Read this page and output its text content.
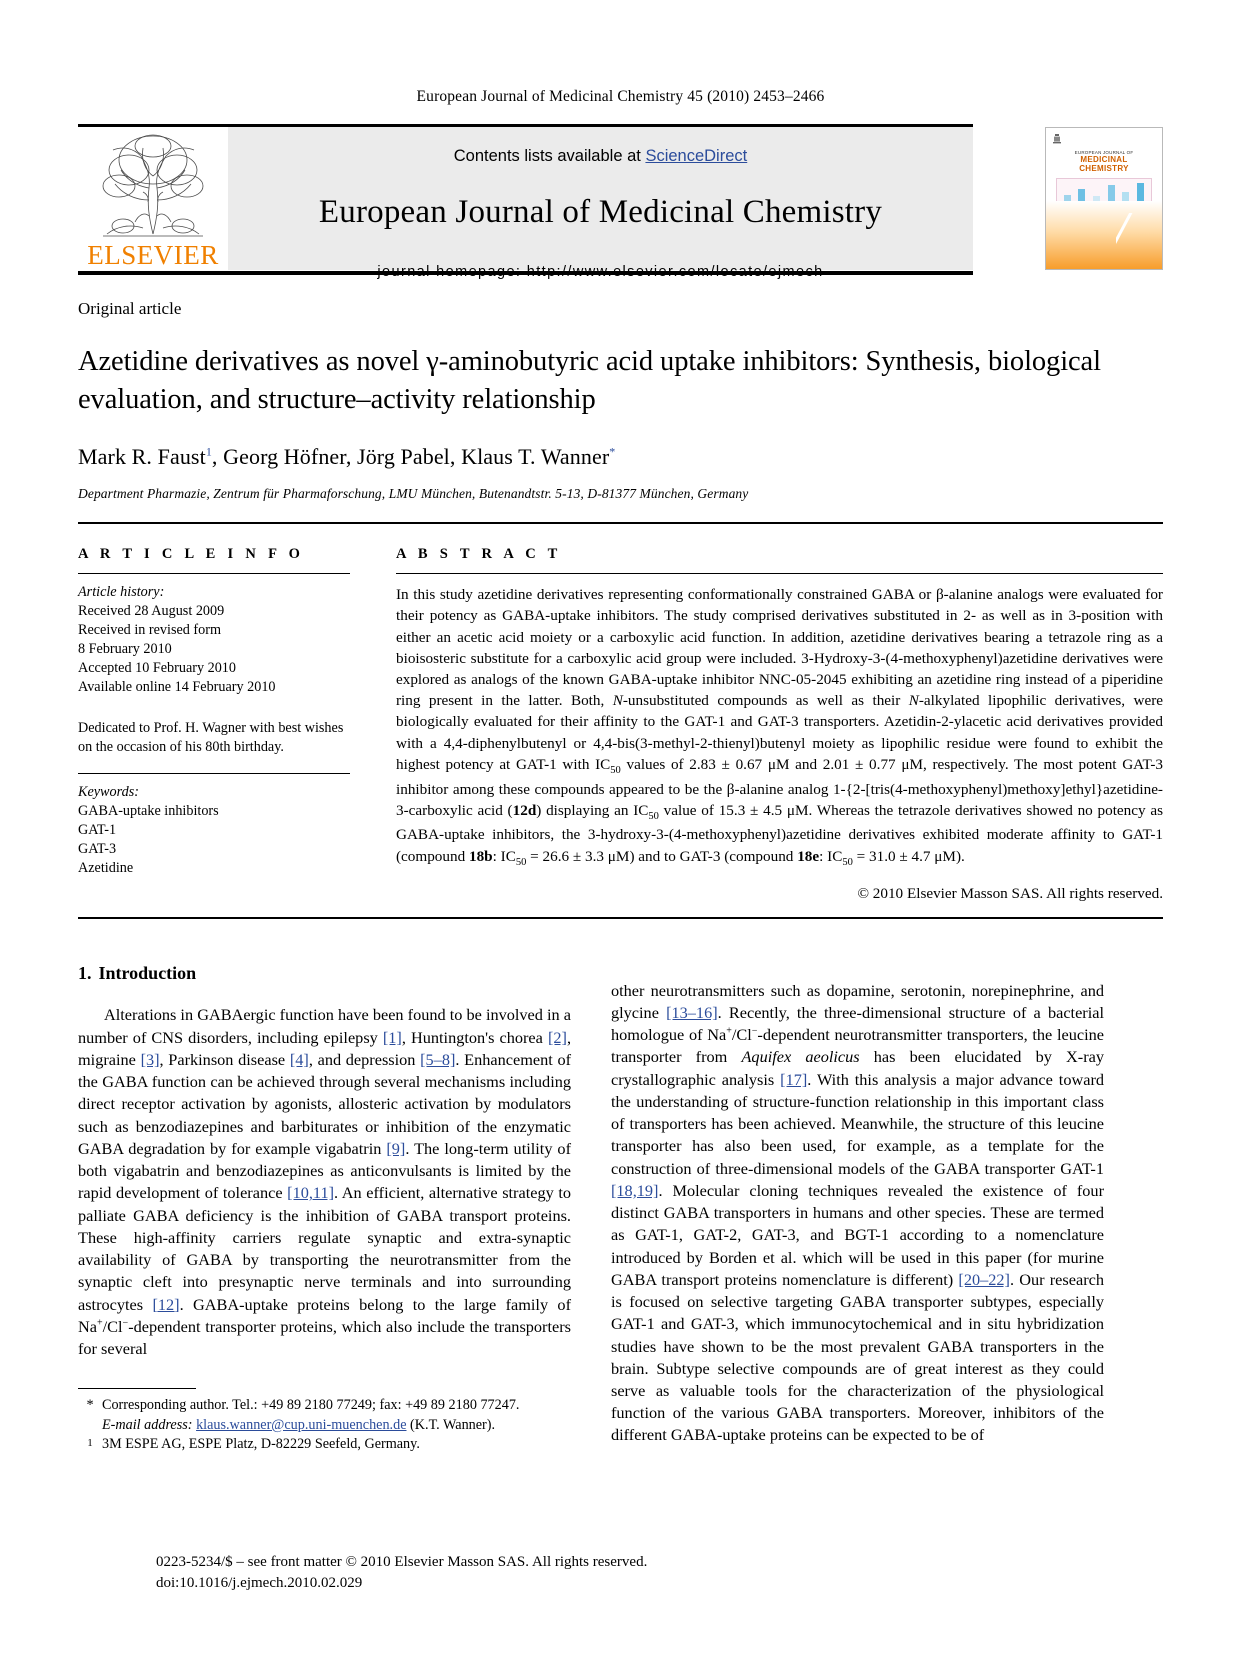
European Journal of Medicinal Chemistry 45 (2010) 2453–2466
ELSEVIER
Contents lists available at ScienceDirect
European Journal of Medicinal Chemistry
journal homepage: http://www.elsevier.com/locate/ejmech
EUROPEAN JOURNAL OF
MEDICINAL
CHEMISTRY
Original article
Azetidine derivatives as novel γ-aminobutyric acid uptake inhibitors: Synthesis, biological evaluation, and structure–activity relationship
Mark R. Faust$^1$, Georg Höfner, Jörg Pabel, Klaus T. Wanner*
Department Pharmazie, Zentrum für Pharmaforschung, LMU München, Butenandtstr. 5-13, D-81377 München, Germany
A R T I C L E I N F O
Article history:
Received 28 August 2009
Received in revised form
8 February 2010
Accepted 10 February 2010
Available online 14 February 2010
Dedicated to Prof. H. Wagner with best wishes on the occasion of his 80th birthday.
Keywords:
GABA-uptake inhibitors
GAT-1
GAT-3
Azetidine
A B S T R A C T

In this study azetidine derivatives representing conformationally constrained GABA or β-alanine analogs were evaluated for their potency as GABA-uptake inhibitors. The study comprised derivatives substituted in 2- as well as in 3-position with either an acetic acid moiety or a carboxylic acid function. In addition, azetidine derivatives bearing a tetrazole ring as a bioisosteric substitute for a carboxylic acid group were included. 3-Hydroxy-3-(4-methoxyphenyl)azetidine derivatives were explored as analogs of the known GABA-uptake inhibitor NNC-05-2045 exhibiting an azetidine ring instead of a piperidine ring present in the latter. Both, N-unsubstituted compounds as well as their N-alkylated lipophilic derivatives, were biologically evaluated for their affinity to the GAT-1 and GAT-3 transporters. Azetidin-2-ylacetic acid derivatives provided with a 4,4-diphenylbutenyl or 4,4-bis(3-methyl-2-thienyl)butenyl moiety as lipophilic residue were found to exhibit the highest potency at GAT-1 with $IC_{50}$ values of 2.83 ± 0.67 μM and 2.01 ± 0.77 μM, respectively. The most potent GAT-3 inhibitor among these compounds appeared to be the β-alanine analog 1-{2-[tris(4-methoxyphenyl)methoxy]ethyl}azetidine-3-carboxylic acid (12d) displaying an $IC_{50}$ value of 15.3 ± 4.5 μM. Whereas the tetrazole derivatives showed no potency as GABA-uptake inhibitors, the 3-hydroxy-3-(4-methoxyphenyl)azetidine derivatives exhibited moderate affinity to GAT-1 (compound 18b: $IC_{50} = 26.6 \pm 3.3$ μM) and to GAT-3 (compound 18e: $IC_{50} = 31.0 \pm 4.7$ μM).

© 2010 Elsevier Masson SAS. All rights reserved.
1. Introduction

Alterations in GABAergic function have been found to be involved in a number of CNS disorders, including epilepsy [1], Huntington's chorea [2], migraine [3], Parkinson disease [4], and depression [5–8]. Enhancement of the GABA function can be achieved through several mechanisms including direct receptor activation by agonists, allosteric activation by modulators such as benzodiazepines and barbiturates or inhibition of the enzymatic GABA degradation by for example vigabatrin [9]. The long-term utility of both vigabatrin and benzodiazepines as anticonvulsants is limited by the rapid development of tolerance [10,11]. An efficient, alternative strategy to palliate GABA deficiency is the inhibition of GABA transport proteins. These high-affinity carriers regulate synaptic and extra-synaptic availability of GABA by transporting the neurotransmitter from the synaptic cleft into presynaptic nerve terminals and into surrounding astrocytes [12]. GABA-uptake proteins belong to the large family of Na+/Cl−-dependent transporter proteins, which also include the transporters for several

* Corresponding author. Tel.: +49 89 2180 77249; fax: +49 89 2180 77247.
E-mail address: klaus.wanner@cup.uni-muenchen.de (K.T. Wanner).
1 3M ESPE AG, ESPE Platz, D-82229 Seefeld, Germany.

other neurotransmitters such as dopamine, serotonin, norepinephrine, and glycine [13–16]. Recently, the three-dimensional structure of a bacterial homologue of Na+/Cl−-dependent neurotransmitter transporters, the leucine transporter from Aquifex aeolicus has been elucidated by X-ray crystallographic analysis [17]. With this analysis a major advance toward the understanding of structure-function relationship in this important class of transporters has been achieved. Meanwhile, the structure of this leucine transporter has also been used, for example, as a template for the construction of three-dimensional models of the GABA transporter GAT-1 [18,19]. Molecular cloning techniques revealed the existence of four distinct GABA transporters in humans and other species. These are termed as GAT-1, GAT-2, GAT-3, and BGT-1 according to a nomenclature introduced by Borden et al. which will be used in this paper (for murine GABA transport proteins nomenclature is different) [20–22]. Our research is focused on selective targeting GABA transporter subtypes, especially GAT-1 and GAT-3, which immunocytochemical and in situ hybridization studies have shown to be the most prevalent GABA transporters in the brain. Subtype selective compounds are of great interest as they could serve as valuable tools for the characterization of the physiological function of the various GABA transporters. Moreover, inhibitors of the different GABA-uptake proteins can be expected to be of

0223-5234/$ – see front matter © 2010 Elsevier Masson SAS. All rights reserved.
doi:10.1016/j.ejmech.2010.02.029
